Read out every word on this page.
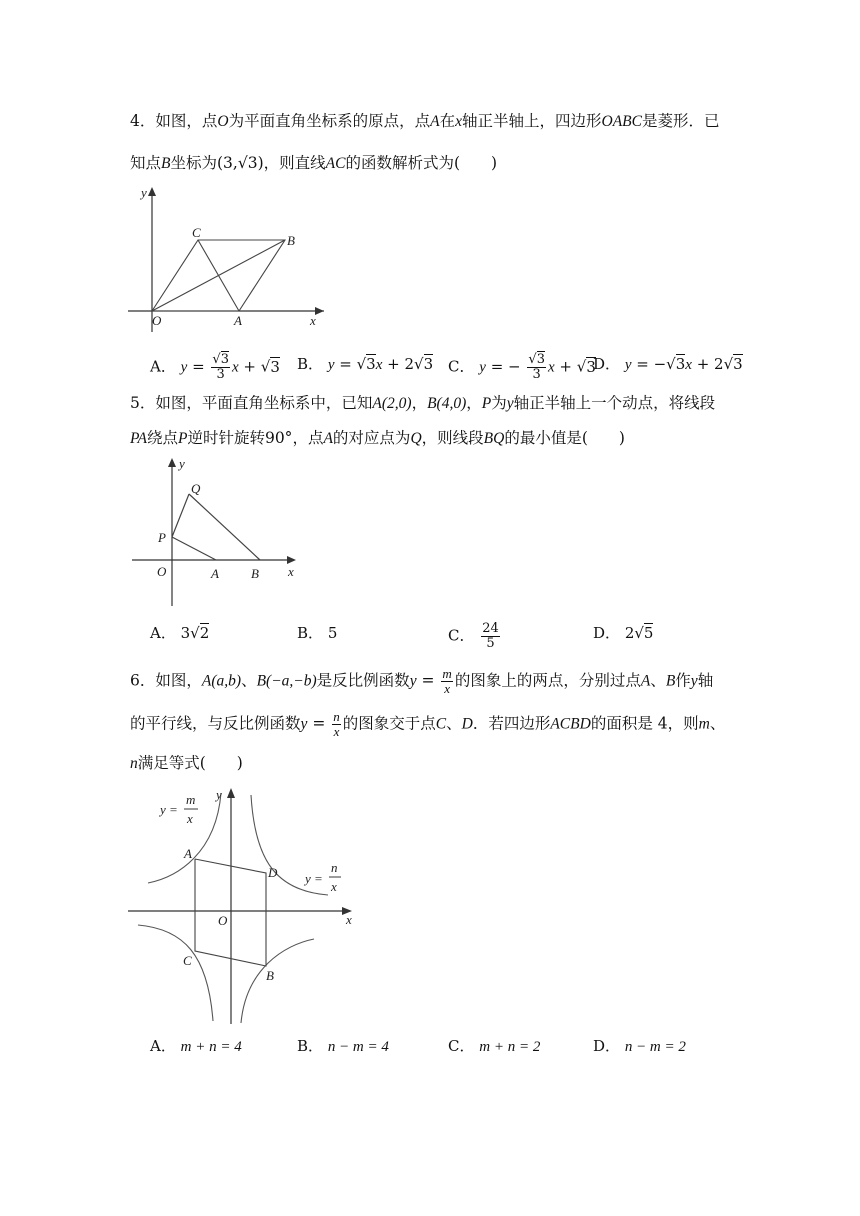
4．如图，点O为平面直角坐标系的原点，点A在x轴正半轴上，四边形OABC是菱形．已
知点B坐标为(3,√3)，则直线AC的函数解析式为(　　)
y
x
O	A
B
C
A． $y = \frac{√3}{3}$ x + √3 B． y = √3x + 2√3 C． y = − $\frac{√3}{3}$ x + √3
D． y = −√3x + 2√3
5．如图，平面直角坐标系中，已知A(2,0)，B(4,0)，P为y轴正半轴上一个动点，将线段
PA绕点P逆时针旋转90°，点A的对应点为Q，则线段BQ的最小值是(　　)
y
x
O	A B
P
Q
A． 3√2	B． 5	C． $\frac{24}{5}$	D． 2√5
6．如图，A(a,b)、B(−a,−b)是反比例函数$y = \frac{m}{x}$ 的图象上的两点，分别过点A、B作y轴
的平行线，与反比例函数$y = \frac{n}{x}$ 的图象交于点C、D．若四边形ACBD的面积是 4，则m、
n满足等式(　　)
y
x
O
A
D
C
B
y =
m
x
y =
n
x
A． m + n = 4	B． n − m = 4	C． m + n = 2	D． n − m = 2
